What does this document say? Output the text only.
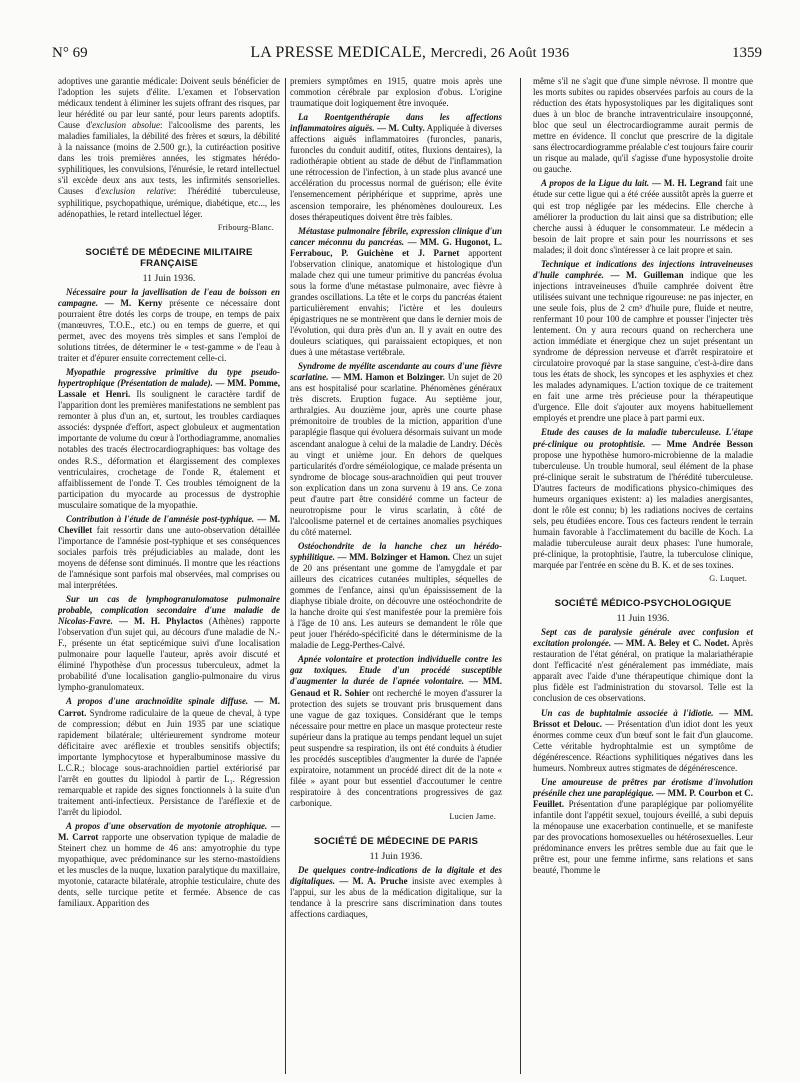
N° 69	LA PRESSE MEDICALE, Mercredi, 26 Août 1936	1359

adoptives une garantie médicale: Doivent seuls bénéficier de l'adoption les sujets d'élite. L'examen et l'observation médicaux tendent à éliminer les sujets offrant des risques, par leur hérédité ou par leur santé, pour leurs parents adoptifs. Cause d'exclusion absolue: l'alcoolisme des parents, les maladies familiales, la débilité des frères et sœurs, la débilité à la naissance (moins de 2.500 gr.), la cutiréaction positive dans les trois premières années, les stigmates hérédo-syphilitiques, les convulsions, l'énurésie, le retard intellectuel s'il excède deux ans aux tests, les infirmités sensorielles. Causes d'exclusion relative: l'hérédité tuberculeuse, syphilitique, psychopathique, urémique, diabétique, etc..., les adénopathies, le retard intellectuel léger.

Fribourg-Blanc.
SOCIÉTÉ DE MÉDECINE MILITAIRE FRANÇAISE
11 Juin 1936.

Nécessaire pour la javellisation de l'eau de boisson en campagne. — M. Kerny présente ce nécessaire dont pourraient être dotés les corps de troupe, en temps de paix (manœuvres, T.O.E., etc.) ou en temps de guerre, et qui permet, avec des moyens très simples et sans l'emploi de solutions titrées, de déterminer le « test-gamme » de l'eau à traiter et d'épurer ensuite correctement celle-ci.

Myopathie progressive primitive du type pseudo-hypertrophique (Présentation de malade). — MM. Pomme, Lassale et Henri. Ils soulignent le caractère tardif de l'apparition dont les premières manifestations ne semblent pas remonter à plus d'un an, et, surtout, les troubles cardiaques associés: dyspnée d'effort, aspect globuleux et augmentation importante de volume du cœur à l'orthodiagramme, anomalies notables des tracés électrocardiographiques: bas voltage des ondes R.S., déformation et élargissement des complexes ventriculaires, crochetage de l'onde R, étalement et affaiblissement de l'onde T. Ces troubles témoignent de la participation du myocarde au processus de dystrophie musculaire somatique de la myopathie.

Contribution à l'étude de l'amnésie post-typhique. — M. Chevillet fait ressortir dans une auto-observation détaillée l'importance de l'amnésie post-typhique et ses conséquences sociales parfois très préjudiciables au malade, dont les moyens de défense sont diminués. Il montre que les réactions de l'amnésique sont parfois mal observées, mal comprises ou mal interprétées.

Sur un cas de lymphogranulomatose pulmonaire probable, complication secondaire d'une maladie de Nicolas-Favre. — M. H. Phylactos (Athènes) rapporte l'observation d'un sujet qui, au décours d'une maladie de N.-F., présente un état septicémique suivi d'une localisation pulmonaire pour laquelle l'auteur, après avoir discuté et éliminé l'hypothèse d'un processus tuberculeux, admet la probabilité d'une localisation ganglio-pulmonaire du virus lympho-granulomateux.

A propos d'une arachnoïdite spinale diffuse. — M. Carrot. Syndrome radiculaire de la queue de cheval, à type de compression; début en Juin 1935 par une sciatique rapidement bilatérale; ultérieurement syndrome moteur déficitaire avec aréflexie et troubles sensitifs objectifs; importante lymphocytose et hyperalbuminose massive du L.C.R.; blocage sous-arachnoïdien partiel extériorisé par l'arrêt en gouttes du lipiodol à partir de L₁. Régression remarquable et rapide des signes fonctionnels à la suite d'un traitement anti-infectieux. Persistance de l'aréflexie et de l'arrêt du lipiodol.

A propos d'une observation de myotonie atrophique. — M. Carrot rapporte une observation typique de maladie de Steinert chez un homme de 46 ans: amyotrophie du type myopathique, avec prédominance sur les sterno-mastoïdiens et les muscles de la nuque, luxation paralytique du maxillaire, myotonie, cataracte bilatérale, atrophie testiculaire, chute des dents, selle turcique petite et fermée. Absence de cas familiaux. Apparition des

premiers symptômes en 1915, quatre mois après une commotion cérébrale par explosion d'obus. L'origine traumatique doit logiquement être invoquée.

La Roentgenthérapie dans les affections inflammatoires aiguës. — M. Culty. Appliquée à diverses affections aiguës inflammatoires (furoncles, panaris, furoncles du conduit auditif, otites, fluxions dentaires), la radiothérapie obtient au stade de début de l'inflammation une rétrocession de l'infection, à un stade plus avancé une accélération du processus normal de guérison; elle évite l'ensemencement périphérique et supprime, après une ascension temporaire, les phénomènes douloureux. Les doses thérapeutiques doivent être très faibles.

Métastase pulmonaire fébrile, expression clinique d'un cancer méconnu du pancréas. — MM. G. Hugonot, L. Ferrabouc, P. Guichène et J. Parnet apportent l'observation clinique, anatomique et histologique d'un malade chez qui une tumeur primitive du pancréas évolua sous la forme d'une métastase pulmonaire, avec fièvre à grandes oscillations. La tête et le corps du pancréas étaient particulièrement envahis; l'ictère et les douleurs épigastriques ne se montrèrent que dans le dernier mois de l'évolution, qui dura près d'un an. Il y avait en outre des douleurs sciatiques, qui paraissaient ectopiques, et non dues à une métastase vertébrale.

Syndrome de myélite ascendante au cours d'une fièvre scarlatine. — MM. Hamon et Bolzinger. Un sujet de 20 ans est hospitalisé pour scarlatine. Phénomènes généraux très discrets. Eruption fugace. Au septième jour, arthralgies. Au douzième jour, après une courte phase prémonitoire de troubles de la miction, apparition d'une paraplégie flasque qui évoluera désormais suivant un mode ascendant analogue à celui de la maladie de Landry. Décès au vingt et unième jour. En dehors de quelques particularités d'ordre séméiologique, ce malade présenta un syndrome de blocage sous-arachnoïdien qui peut trouver son explication dans un zona survenu à 19 ans. Ce zona peut d'autre part être considéré comme un facteur de neurotropisme pour le virus scarlatin, à côté de l'alcoolisme paternel et de certaines anomalies psychiques du côté maternel.

Ostéochondrite de la hanche chez un hérédo-syphilitique. — MM. Bolzinger et Hamon. Chez un sujet de 20 ans présentant une gomme de l'amygdale et par ailleurs des cicatrices cutanées multiples, séquelles de gommes de l'enfance, ainsi qu'un épaississement de la diaphyse tibiale droite, on découvre une ostéochondrite de la hanche droite qui s'est manifestée pour la première fois à l'âge de 10 ans. Les auteurs se demandent le rôle que peut jouer l'hérédo-spécificité dans le déterminisme de la maladie de Legg-Perthes-Calvé.

Apnée volontaire et protection individuelle contre les gaz toxiques. Etude d'un procédé susceptible d'augmenter la durée de l'apnée volontaire. — MM. Genaud et R. Sohier ont recherché le moyen d'assurer la protection des sujets se trouvant pris brusquement dans une vague de gaz toxiques. Considérant que le temps nécessaire pour mettre en place un masque protecteur reste supérieur dans la pratique au temps pendant lequel un sujet peut suspendre sa respiration, ils ont été conduits à étudier les procédés susceptibles d'augmenter la durée de l'apnée expiratoire, notamment un procédé direct dit de la note « filée » ayant pour but essentiel d'accoutumer le centre respiratoire à des concentrations progressives de gaz carbonique.

Lucien Jame.
SOCIÉTÉ DE MÉDECINE DE PARIS
11 Juin 1936.

De quelques contre-indications de la digitale et des digitaliques. — M. A. Pruche insiste avec exemples à l'appui, sur les abus de la médication digitalique, sur la tendance à la prescrire sans discrimination dans toutes affections cardiaques,

même s'il ne s'agit que d'une simple névrose. Il montre que les morts subites ou rapides observées parfois au cours de la réduction des états hyposystoliques par les digitaliques sont dues à un bloc de branche intraventriculaire insoupçonné, bloc que seul un électrocardiogramme aurait permis de mettre en évidence. Il conclut que prescrire de la digitale sans électrocardiogramme préalable c'est toujours faire courir un risque au malade, qu'il s'agisse d'une hyposystolie droite ou gauche.

A propos de la Ligue du lait. — M. H. Legrand fait une étude sur cette ligue qui a été créée aussitôt après la guerre et qui est trop négligée par les médecins. Elle cherche à améliorer la production du lait ainsi que sa distribution; elle cherche aussi à éduquer le consommateur. Le médecin a besoin de lait propre et sain pour les nourrissons et ses malades; il doit donc s'intéresser à ce lait propre et sain.

Technique et indications des injections intraveineuses d'huile camphrée. — M. Guilleman indique que les injections intraveineuses d'huile camphrée doivent être utilisées suivant une technique rigoureuse: ne pas injecter, en une seule fois, plus de 2 cm³ d'huile pure, fluide et neutre, renfermant 10 pour 100 de camphre et pousser l'injecter très lentement. On y aura recours quand on recherchera une action immédiate et énergique chez un sujet présentant un syndrome de dépression nerveuse et d'arrêt respiratoire et circulatoire provoqué par la stase sanguine, c'est-à-dire dans tous les états de shock, les syncopes et les asphyxies et chez les malades adynamiques. L'action toxique de ce traitement en fait une arme très précieuse pour la thérapeutique d'urgence. Elle doit s'ajouter aux moyens habituellement employés et prendre une place à part parmi eux.

Etude des causes de la maladie tuberculeuse. L'étape pré-clinique ou protophtisie. — Mme Andrée Besson propose une hypothèse humoro-microbienne de la maladie tuberculeuse. Un trouble humoral, seul élément de la phase pré-clinique serait le substratum de l'hérédité tuberculeuse. D'autres facteurs de modifications physico-chimiques des humeurs organiques existent: a) les maladies anergisantes, dont le rôle est connu; b) les radiations nocives de certains sels, peu étudiées encore. Tous ces facteurs rendent le terrain humain favorable à l'acclimatement du bacille de Koch. La maladie tuberculeuse aurait deux phases: l'une humorale, pré-clinique, la protophtisie, l'autre, la tuberculose clinique, marquée par l'entrée en scène du B. K. et de ses toxines.

G. Luquet.
SOCIÉTÉ MÉDICO-PSYCHOLOGIQUE
11 Juin 1936.

Sept cas de paralysie générale avec confusion et excitation prolongée. — MM. A. Beley et C. Nodet. Après restauration de l'état général, on pratique la malariathérapie dont l'efficacité n'est généralement pas immédiate, mais apparaît avec l'aide d'une thérapeutique chimique dont la plus fidèle est l'administration du stovarsol. Telle est la conclusion de ces observations.

Un cas de buphtalmie associée à l'idiotie. — MM. Brissot et Delouc. — Présentation d'un idiot dont les yeux énormes comme ceux d'un bœuf sont le fait d'un glaucome. Cette véritable hydrophtalmie est un symptôme de dégénérescence. Réactions syphilitiques négatives dans les humeurs. Nombreux autres stigmates de dégénérescence.

Une amoureuse de prêtres par érotisme d'involution présénile chez une paraplégique. — MM. P. Courbon et C. Feuillet. Présentation d'une paraplégique par poliomyélite infantile dont l'appétit sexuel, toujours éveillé, a subi depuis la ménopause une exacerbation continuelle, et se manifeste par des provocations homosexuelles ou hétérosexuelles. Leur prédominance envers les prêtres semble due au fait que le prêtre est, pour une femme infirme, sans relations et sans beauté, l'homme le
